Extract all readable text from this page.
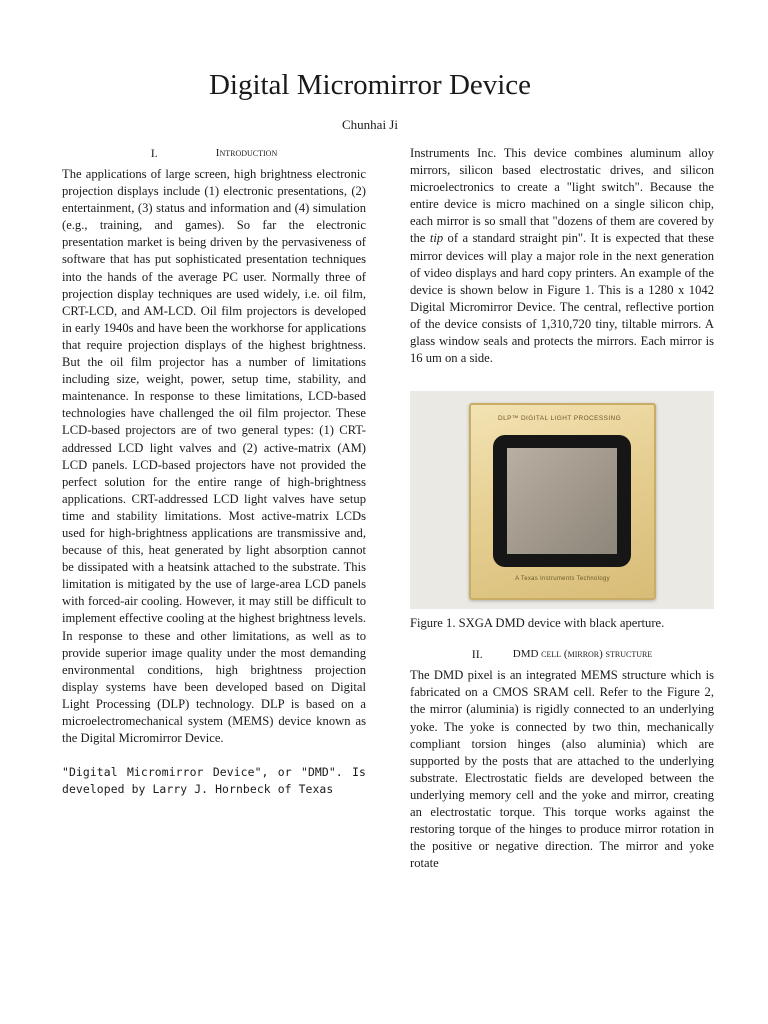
Digital Micromirror Device
Chunhai Ji
I.	Introduction

The applications of large screen, high brightness electronic projection displays include (1) electronic presentations, (2) entertainment, (3) status and information and (4) simulation (e.g., training, and games). So far the electronic presentation market is being driven by the pervasiveness of software that has put sophisticated presentation techniques into the hands of the average PC user. Normally three of projection display techniques are used widely, i.e. oil film, CRT-LCD, and AM-LCD. Oil film projectors is developed in early 1940s and have been the workhorse for applications that require projection displays of the highest brightness. But the oil film projector has a number of limitations including size, weight, power, setup time, stability, and maintenance. In response to these limitations, LCD-based technologies have challenged the oil film projector. These LCD-based projectors are of two general types: (1) CRT-addressed LCD light valves and (2) active-matrix (AM) LCD panels. LCD-based projectors have not provided the perfect solution for the entire range of high-brightness applications. CRT-addressed LCD light valves have setup time and stability limitations. Most active-matrix LCDs used for high-brightness applications are transmissive and, because of this, heat generated by light absorption cannot be dissipated with a heatsink attached to the substrate. This limitation is mitigated by the use of large-area LCD panels with forced-air cooling. However, it may still be difficult to implement effective cooling at the highest brightness levels. In response to these and other limitations, as well as to provide superior image quality under the most demanding environmental conditions, high brightness projection display systems have been developed based on Digital Light Processing (DLP) technology. DLP is based on a microelectromechanical system (MEMS) device known as the Digital Micromirror Device.

"Digital Micromirror Device", or "DMD". Is developed by Larry J. Hornbeck of Texas

Instruments Inc. This device combines aluminum alloy mirrors, silicon based electrostatic drives, and silicon microelectronics to create a "light switch". Because the entire device is micro machined on a single silicon chip, each mirror is so small that "dozens of them are covered by the tip of a standard straight pin". It is expected that these mirror devices will play a major role in the next generation of video displays and hard copy printers. An example of the device is shown below in Figure 1. This is a 1280 x 1042 Digital Micromirror Device. The central, reflective portion of the device consists of 1,310,720 tiny, tiltable mirrors. A glass window seals and protects the mirrors. Each mirror is 16 um on a side.

DLP™ DIGITAL LIGHT PROCESSING
A Texas Instruments Technology
Figure 1. SXGA DMD device with black aperture.
II.	DMD cell (mirror) structure

The DMD pixel is an integrated MEMS structure which is fabricated on a CMOS SRAM cell. Refer to the Figure 2, the mirror (aluminia) is rigidly connected to an underlying yoke. The yoke is connected by two thin, mechanically compliant torsion hinges (also aluminia) which are supported by the posts that are attached to the underlying substrate. Electrostatic fields are developed between the underlying memory cell and the yoke and mirror, creating an electrostatic torque. This torque works against the restoring torque of the hinges to produce mirror rotation in the positive or negative direction. The mirror and yoke rotate
